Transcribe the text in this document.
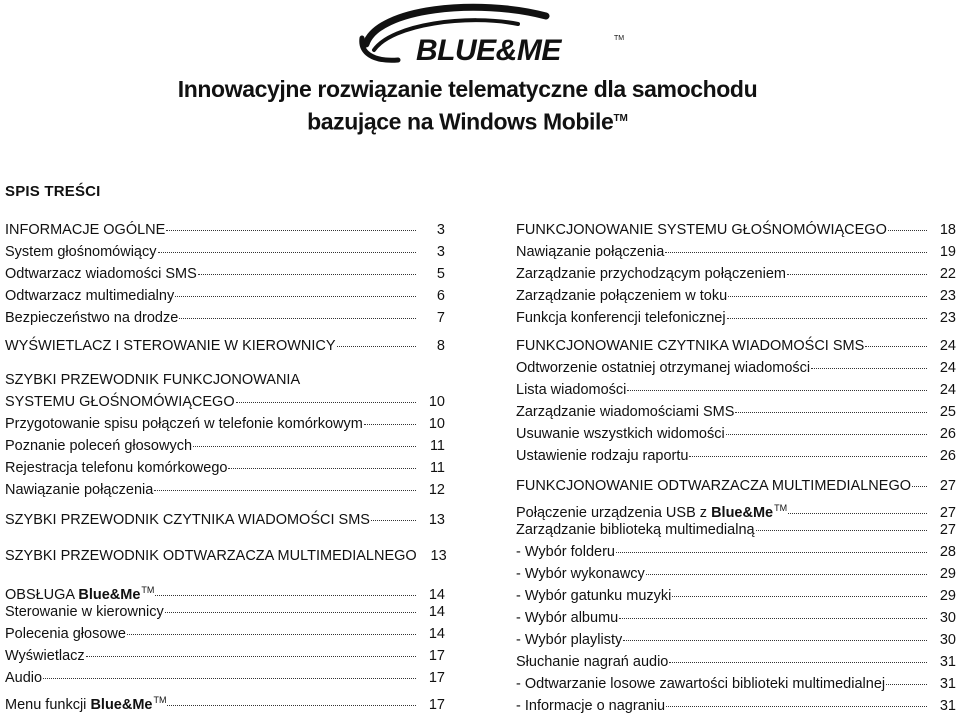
BLUE&ME	TM
Innowacyjne rozwiązanie telematyczne dla samochodu
bazujące na Windows Mobile™
SPIS TREŚCI
INFORMACJE OGÓLNE	3
System głośnomówiący	3
Odtwarzacz wiadomości SMS	5
Odtwarzacz multimedialny	6
Bezpieczeństwo na drodze	7
WYŚWIETLACZ I STEROWANIE W KIEROWNICY	8
SZYBKI PRZEWODNIK FUNKCJONOWANIA
SYSTEMU GŁOŚNOMÓWIĄCEGO	10
Przygotowanie spisu połączeń w telefonie komórkowym	10
Poznanie poleceń głosowych	11
Rejestracja telefonu komórkowego	11
Nawiązanie połączenia	12
SZYBKI PRZEWODNIK CZYTNIKA WIADOMOŚCI SMS	13
SZYBKI PRZEWODNIK ODTWARZACZA MULTIMEDIALNEGO 13
OBSŁUGA Blue&Me™	14
Sterowanie w kierownicy	14
Polecenia głosowe	14
Wyświetlacz	17
Audio	17
Menu funkcji Blue&Me™	17
FUNKCJONOWANIE SYSTEMU GŁOŚNOMÓWIĄCEGO	18
Nawiązanie połączenia	19
Zarządzanie przychodzącym połączeniem	22
Zarządzanie połączeniem w toku	23
Funkcja konferencji telefonicznej	23
FUNKCJONOWANIE CZYTNIKA WIADOMOŚCI SMS	24
Odtworzenie ostatniej otrzymanej wiadomości	24
Lista wiadomości	24
Zarządzanie wiadomościami SMS	25
Usuwanie wszystkich widomości	26
Ustawienie rodzaju raportu	26
FUNKCJONOWANIE ODTWARZACZA MULTIMEDIALNEGO	27
Połączenie urządzenia USB z Blue&Me™	27
Zarządzanie biblioteką multimedialną	27
- Wybór folderu	28
- Wybór wykonawcy	29
- Wybór gatunku muzyki	29
- Wybór albumu	30
- Wybór playlisty	30
Słuchanie nagrań audio	31
- Odtwarzanie losowe zawartości biblioteki multimedialnej	31
- Informacje o nagraniu	31
